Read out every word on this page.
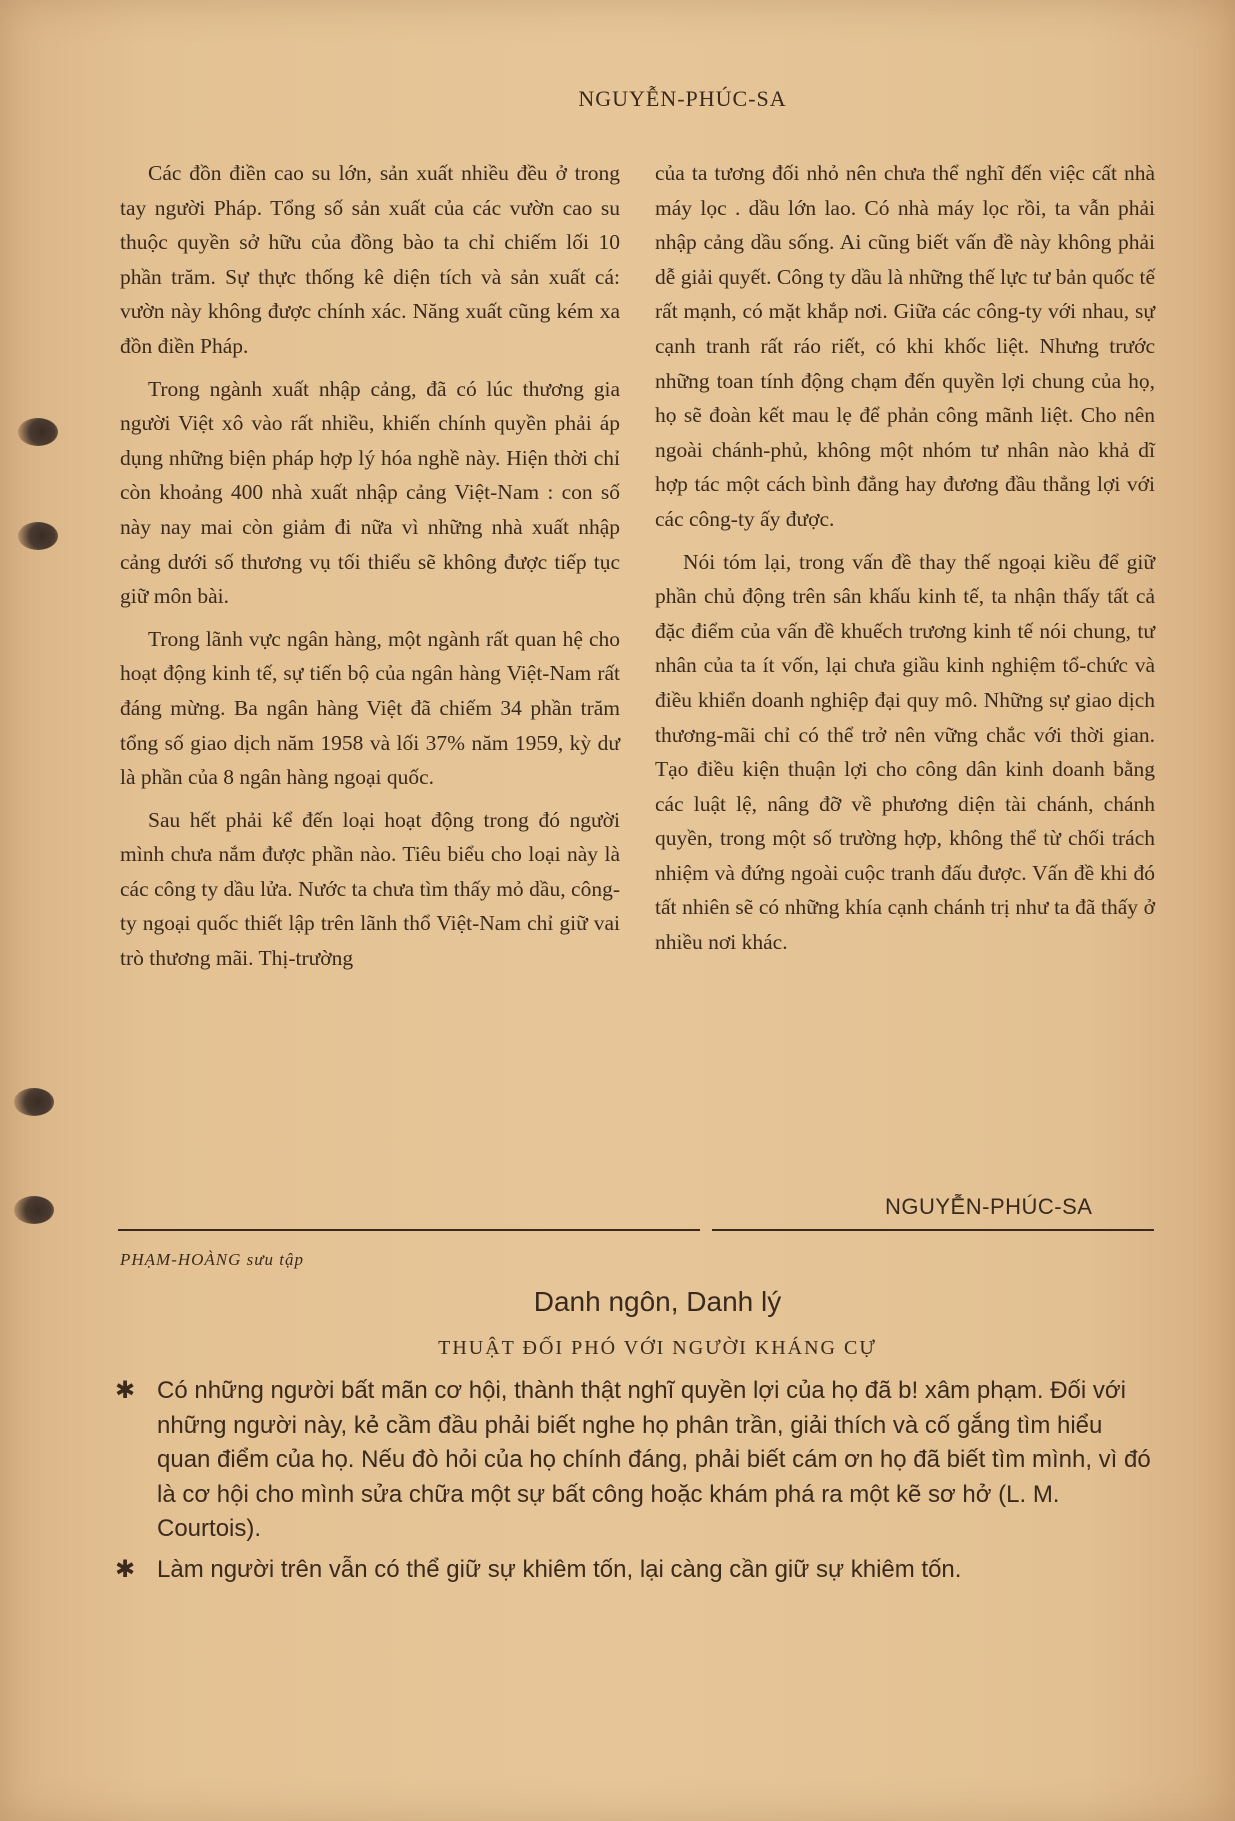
NGUYỄN-PHÚC-SA

Các đồn điền cao su lớn, sản xuất nhiều đều ở trong tay người Pháp. Tổng số sản xuất của các vườn cao su thuộc quyền sở hữu của đồng bào ta chỉ chiếm lối 10 phần trăm. Sự thực thống kê diện tích và sản xuất cá: vườn này không được chính xác. Năng xuất cũng kém xa đồn điền Pháp.

Trong ngành xuất nhập cảng, đã có lúc thương gia người Việt xô vào rất nhiều, khiến chính quyền phải áp dụng những biện pháp hợp lý hóa nghề này. Hiện thời chỉ còn khoảng 400 nhà xuất nhập cảng Việt-Nam : con số này nay mai còn giảm đi nữa vì những nhà xuất nhập cảng dưới số thương vụ tối thiểu sẽ không được tiếp tục giữ môn bài.

Trong lãnh vực ngân hàng, một ngành rất quan hệ cho hoạt động kinh tế, sự tiến bộ của ngân hàng Việt-Nam rất đáng mừng. Ba ngân hàng Việt đã chiếm 34 phần trăm tổng số giao dịch năm 1958 và lối 37% năm 1959, kỳ dư là phần của 8 ngân hàng ngoại quốc.

Sau hết phải kể đến loại hoạt động trong đó người mình chưa nắm được phần nào. Tiêu biểu cho loại này là các công ty dầu lửa. Nước ta chưa tìm thấy mỏ dầu, công-ty ngoại quốc thiết lập trên lãnh thổ Việt-Nam chỉ giữ vai trò thương mãi. Thị-trường

của ta tương đối nhỏ nên chưa thể nghĩ đến việc cất nhà máy lọc . dầu lớn lao. Có nhà máy lọc rồi, ta vẫn phải nhập cảng dầu sống. Ai cũng biết vấn đề này không phải dễ giải quyết. Công ty dầu là những thế lực tư bản quốc tế rất mạnh, có mặt khắp nơi. Giữa các công-ty với nhau, sự cạnh tranh rất ráo riết, có khi khốc liệt. Nhưng trước những toan tính động chạm đến quyền lợi chung của họ, họ sẽ đoàn kết mau lẹ để phản công mãnh liệt. Cho nên ngoài chánh-phủ, không một nhóm tư nhân nào khả dĩ hợp tác một cách bình đẳng hay đương đầu thẳng lợi với các công-ty ấy được.

Nói tóm lại, trong vấn đề thay thế ngoại kiều để giữ phần chủ động trên sân khấu kinh tế, ta nhận thấy tất cả đặc điểm của vấn đề khuếch trương kinh tế nói chung, tư nhân của ta ít vốn, lại chưa giầu kinh nghiệm tổ-chức và điều khiển doanh nghiệp đại quy mô. Những sự giao dịch thương-mãi chỉ có thể trở nên vững chắc với thời gian. Tạo điều kiện thuận lợi cho công dân kinh doanh bằng các luật lệ, nâng đỡ về phương diện tài chánh, chánh quyền, trong một số trường hợp, không thể từ chối trách nhiệm và đứng ngoài cuộc tranh đấu được. Vấn đề khi đó tất nhiên sẽ có những khía cạnh chánh trị như ta đã thấy ở nhiều nơi khác.

NGUYỄN-PHÚC-SA
PHẠM-HOÀNG sưu tập
Danh ngôn, Danh lý
THUẬT ĐỐI PHÓ VỚI NGƯỜI KHÁNG CỰ
✱ Có những người bất mãn cơ hội, thành thật nghĩ quyền lợi của họ đã b! xâm phạm. Đối với những người này, kẻ cầm đầu phải biết nghe họ phân trần, giải thích và cố gắng tìm hiểu quan điểm của họ. Nếu đò hỏi của họ chính đáng, phải biết cám ơn họ đã biết tìm mình, vì đó là cơ hội cho mình sửa chữa một sự bất công hoặc khám phá ra một kẽ sơ hở (L. M. Courtois).
✱ Làm người trên vẫn có thể giữ sự khiêm tốn, lại càng cần giữ sự khiêm tốn.
